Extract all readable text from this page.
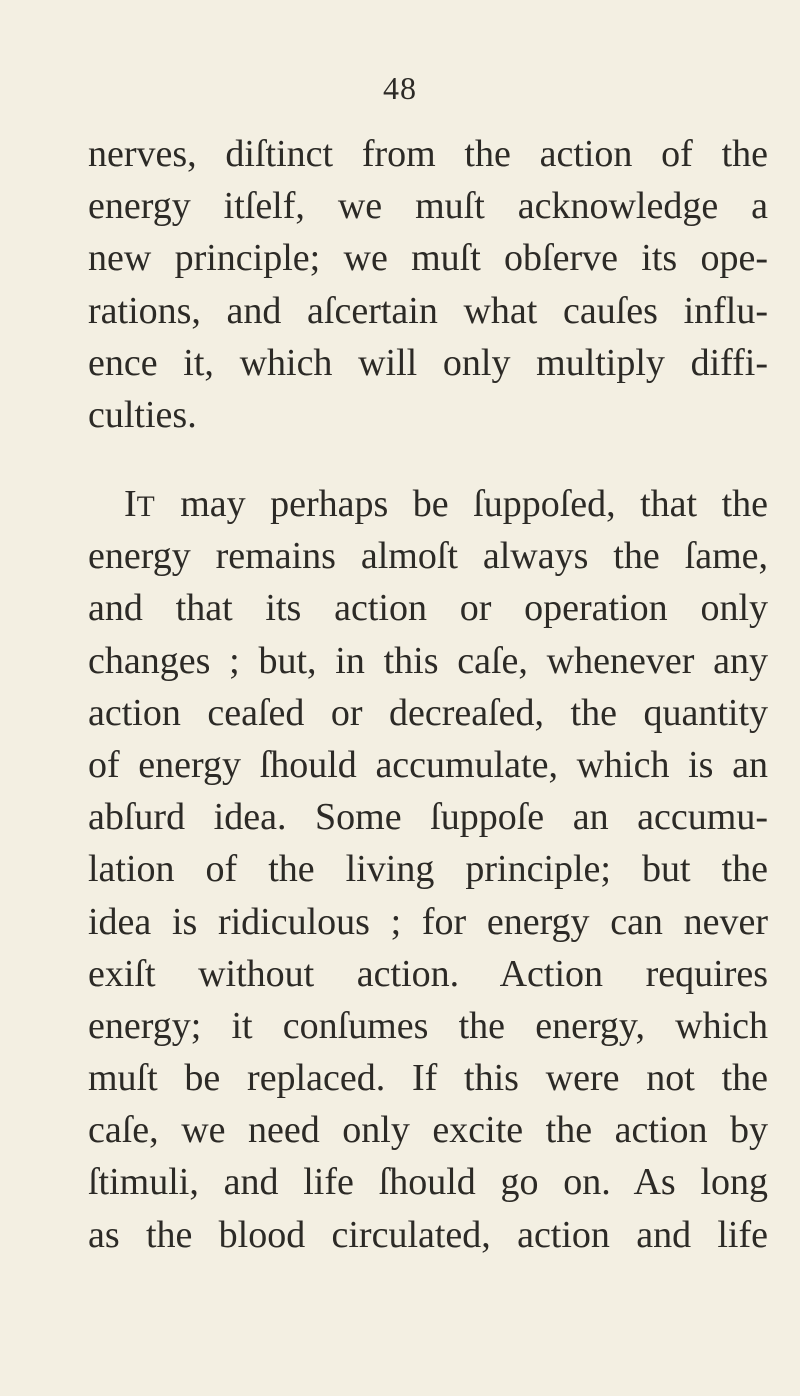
48
nerves, diſtinct from the action of the
energy itſelf, we muſt acknowledge a
new principle; we muſt obſerve its ope-
rations, and aſcertain what cauſes influ-
ence it, which will only multiply diffi-
culties.
IT may perhaps be ſuppoſed, that the
energy remains almoſt always the ſame,
and that its action or operation only
changes ; but, in this caſe, whenever any
action ceaſed or decreaſed, the quantity
of energy ſhould accumulate, which is an
abſurd idea. Some ſuppoſe an accumu-
lation of the living principle; but the
idea is ridiculous ; for energy can never
exiſt without action. Action requires
energy; it conſumes the energy, which
muſt be replaced. If this were not the
caſe, we need only excite the action by
ſtimuli, and life ſhould go on. As long
as the blood circulated, action and life
